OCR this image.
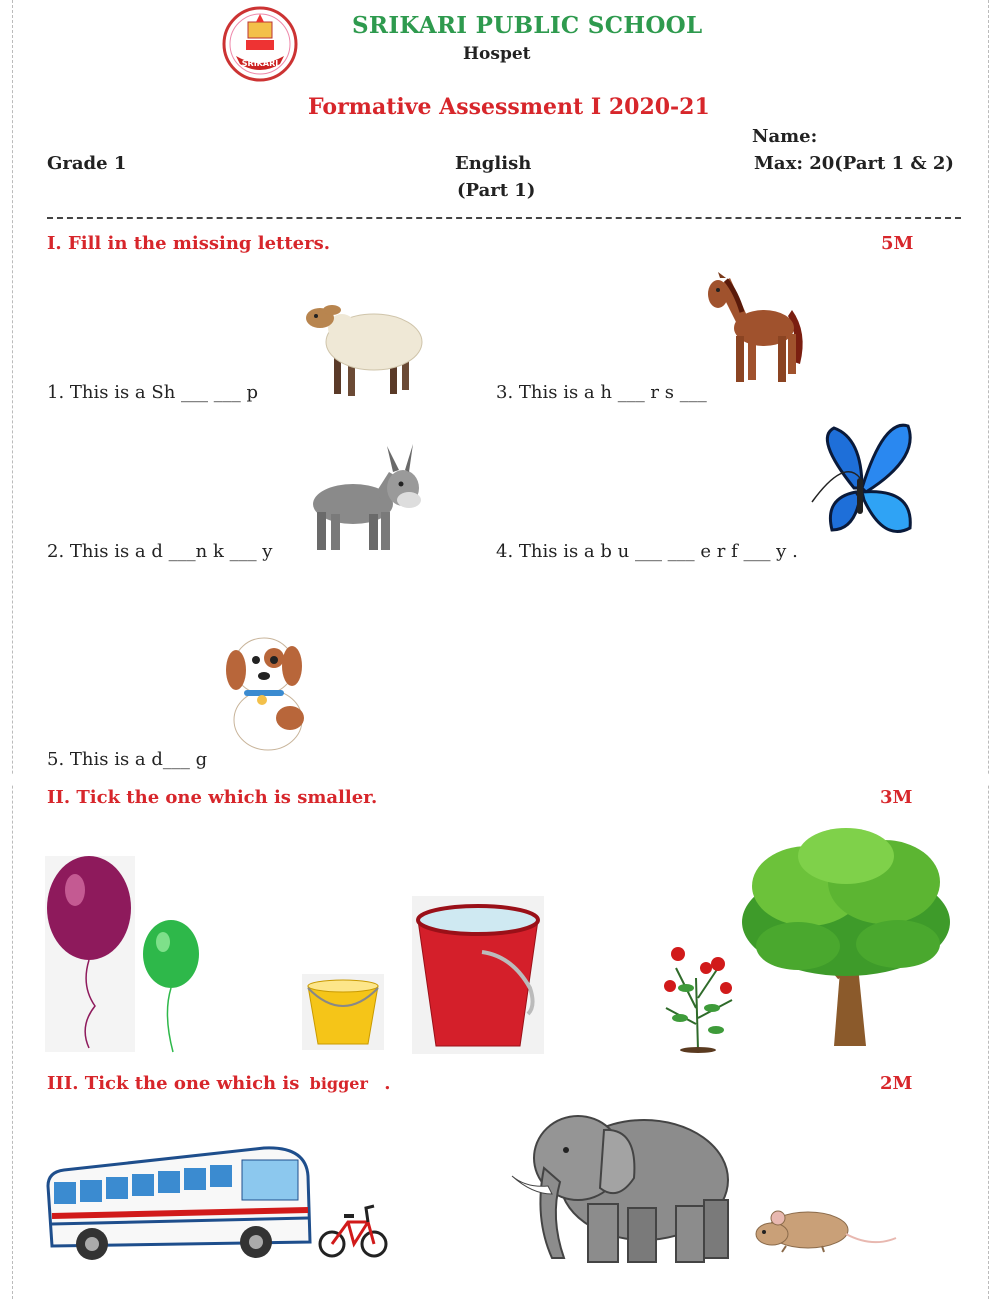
SRIKARI
SRIKARI PUBLIC SCHOOL
Hospet
Formative Assessment I 2020-21
Name:
Grade 1	English	Max: 20(Part 1 & 2)
(Part 1)
I. Fill in the missing letters.	5M
1. This is a Sh ___ ___ p
2. This is a d ___n k ___ y
3. This is a h ___ r s ___
4. This is a b u ___ ___ e r f ___ y .
5. This is a d___ g
II. Tick the one which is smaller.	3M
III. Tick the one which is bigger .	2M
